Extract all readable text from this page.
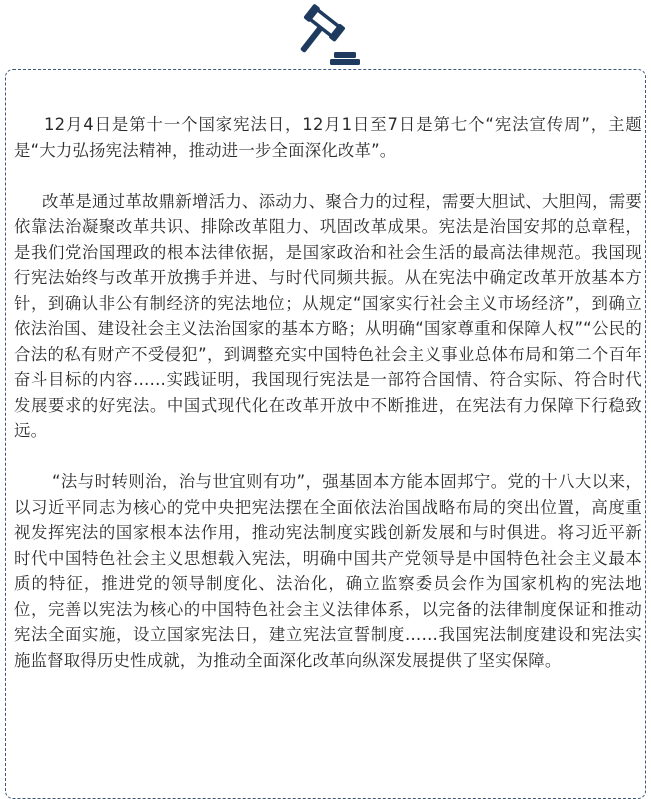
12月4日是第十一个国家宪法日，12月1日至7日是第七个“宪法宣传周”，主题是“大力弘扬宪法精神，推动进一步全面深化改革”。

改革是通过革故鼎新增活力、添动力、聚合力的过程，需要大胆试、大胆闯，需要依靠法治凝聚改革共识、排除改革阻力、巩固改革成果。宪法是治国安邦的总章程，是我们党治国理政的根本法律依据，是国家政治和社会生活的最高法律规范。我国现行宪法始终与改革开放携手并进、与时代同频共振。从在宪法中确定改革开放基本方针，到确认非公有制经济的宪法地位；从规定“国家实行社会主义市场经济”，到确立依法治国、建设社会主义法治国家的基本方略；从明确“国家尊重和保障人权”“公民的合法的私有财产不受侵犯”，到调整充实中国特色社会主义事业总体布局和第二个百年奋斗目标的内容……实践证明，我国现行宪法是一部符合国情、符合实际、符合时代发展要求的好宪法。中国式现代化在改革开放中不断推进，在宪法有力保障下行稳致远。

“法与时转则治，治与世宜则有功”，强基固本方能本固邦宁。党的十八大以来，以习近平同志为核心的党中央把宪法摆在全面依法治国战略布局的突出位置，高度重视发挥宪法的国家根本法作用，推动宪法制度实践创新发展和与时俱进。将习近平新时代中国特色社会主义思想载入宪法，明确中国共产党领导是中国特色社会主义最本质的特征，推进党的领导制度化、法治化，确立监察委员会作为国家机构的宪法地位，完善以宪法为核心的中国特色社会主义法律体系，以完备的法律制度保证和推动宪法全面实施，设立国家宪法日，建立宪法宣誓制度……我国宪法制度建设和宪法实施监督取得历史性成就，为推动全面深化改革向纵深发展提供了坚实保障。
